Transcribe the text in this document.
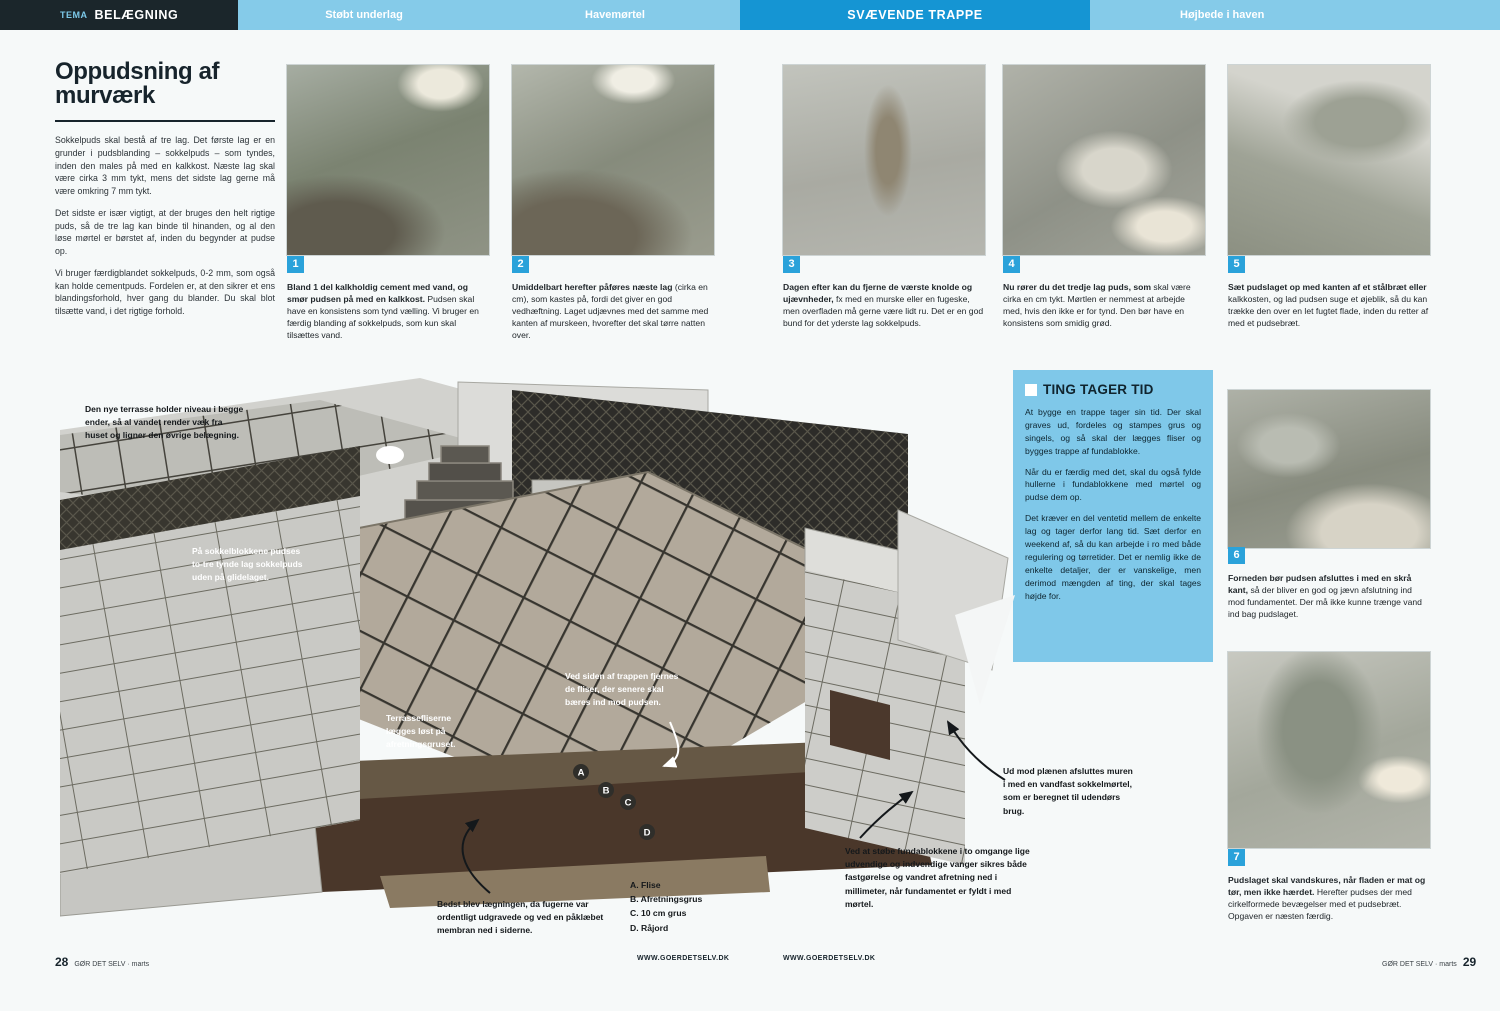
TEMA BELÆGNING	Støbt underlag	Havemørtel	SVÆVENDE TRAPPE	Højbede i haven
Oppudsning af murværk

Sokkelpuds skal bestå af tre lag. Det første lag er en grunder i pudsblanding – sokkelpuds – som tyndes, inden den males på med en kalkkost. Næste lag skal være cirka 3 mm tykt, mens det sidste lag gerne må være omkring 7 mm tykt.

Det sidste er især vigtigt, at der bruges den helt rigtige puds, så de tre lag kan binde til hinanden, og al den løse mørtel er børstet af, inden du begynder at pudse op.

Vi bruger færdigblandet sokkelpuds, 0-2 mm, som også kan holde cementpuds. Fordelen er, at den sikrer et ens blandingsforhold, hver gang du blander. Du skal blot tilsætte vand, i det rigtige forhold.

1
Bland 1 del kalkholdig cement med vand, og smør pudsen på med en kalkkost. Pudsen skal have en konsistens som tynd vælling. Vi bruger en færdig blanding af sokkelpuds, som kun skal tilsættes vand.
2
Umiddelbart herefter påføres næste lag (cirka en cm), som kastes på, fordi det giver en god vedhæftning. Laget udjævnes med det samme med kanten af murskeen, hvorefter det skal tørre natten over.
3
Dagen efter kan du fjerne de værste knolde og ujævnheder, fx med en murske eller en fugeske, men overfladen må gerne være lidt ru. Det er en god bund for det yderste lag sokkelpuds.
4
Nu rører du det tredje lag puds, som skal være cirka en cm tykt. Mørtlen er nemmest at arbejde med, hvis den ikke er for tynd. Den bør have en konsistens som smidig grød.
5
Sæt pudslaget op med kanten af et stålbræt eller kalkkosten, og lad pudsen suge et øjeblik, så du kan trække den over en let fugtet flade, inden du retter af med et pudsebræt.
6
Forneden bør pudsen afsluttes i med en skrå kant, så der bliver en god og jævn afslutning ind mod fundamentet. Der må ikke kunne trænge vand ind bag pudslaget.
7
Pudslaget skal vandskures, når fladen er mat og tør, men ikke hærdet. Herefter pudses der med cirkelformede bevægelser med et pudsebræt. Opgaven er næsten færdig.
TING TAGER TID

At bygge en trappe tager sin tid. Der skal graves ud, fordeles og stampes grus og singels, og så skal der lægges fliser og bygges trappe af fundablokke.

Når du er færdig med det, skal du også fylde hullerne i fundablokkene med mørtel og pudse dem op.

Det kræver en del ventetid mellem de enkelte lag og tager derfor lang tid. Sæt derfor en weekend af, så du kan arbejde i ro med både regulering og tørretider. Det er nemlig ikke de enkelte detaljer, der er vanskelige, men derimod mængden af ting, der skal tages højde for.

A
B
C
D
Den nye terrasse holder niveau i begge ender, så al vandet render væk fra huset og ligner den øvrige belægning.
På sokkelblokkene pudses to-tre tynde lag sokkelpuds uden på glidelaget.
Terrassefliserne lægges løst på afretningsgruset.
Ved siden af trappen fjernes de fliser, der senere skal bæres ind mod pudsen.
Ud mod plænen afsluttes muren i med en vandfast sokkelmørtel, som er beregnet til udendørs brug.
Ved at støbe fundablokkene i to omgange lige udvendige og indvendige vanger sikres både fastgørelse og vandret afretning ned i millimeter, når fundamentet er fyldt i med mørtel.
Bedst blev lægningen, da fugerne var ordentligt udgravede og ved en påklæbet membran ned i siderne.
A. Flise
B. Afretningsgrus
C. 10 cm grus
D. Råjord
28 GØR DET SELV · marts
WWW.GOERDETSELV.DK	WWW.GOERDETSELV.DK
GØR DET SELV · marts 29
